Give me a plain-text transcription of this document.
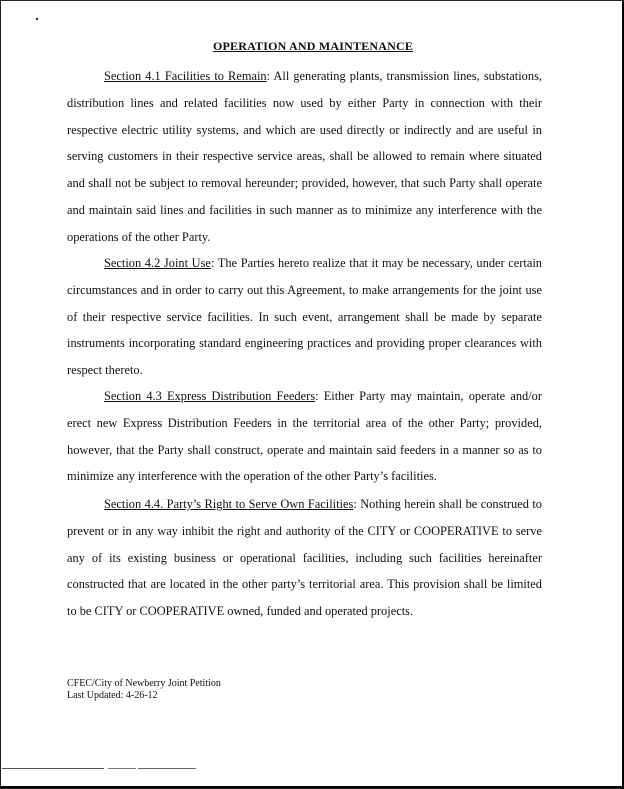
OPERATION AND MAINTENANCE
Section 4.1 Facilities to Remain: All generating plants, transmission lines, substations, distribution lines and related facilities now used by either Party in connection with their respective electric utility systems, and which are used directly or indirectly and are useful in serving customers in their respective service areas, shall be allowed to remain where situated and shall not be subject to removal hereunder; provided, however, that such Party shall operate and maintain said lines and facilities in such manner as to minimize any interference with the operations of the other Party.
Section 4.2 Joint Use: The Parties hereto realize that it may be necessary, under certain circumstances and in order to carry out this Agreement, to make arrangements for the joint use of their respective service facilities. In such event, arrangement shall be made by separate instruments incorporating standard engineering practices and providing proper clearances with respect thereto.
Section 4.3 Express Distribution Feeders: Either Party may maintain, operate and/or erect new Express Distribution Feeders in the territorial area of the other Party; provided, however, that the Party shall construct, operate and maintain said feeders in a manner so as to minimize any interference with the operation of the other Party’s facilities.
Section 4.4. Party’s Right to Serve Own Facilities: Nothing herein shall be construed to prevent or in any way inhibit the right and authority of the CITY or COOPERATIVE to serve any of its existing business or operational facilities, including such facilities hereinafter constructed that are located in the other party’s territorial area. This provision shall be limited to be CITY or COOPERATIVE owned, funded and operated projects.
CFEC/City of Newberry Joint Petition
Last Updated: 4-26-12
